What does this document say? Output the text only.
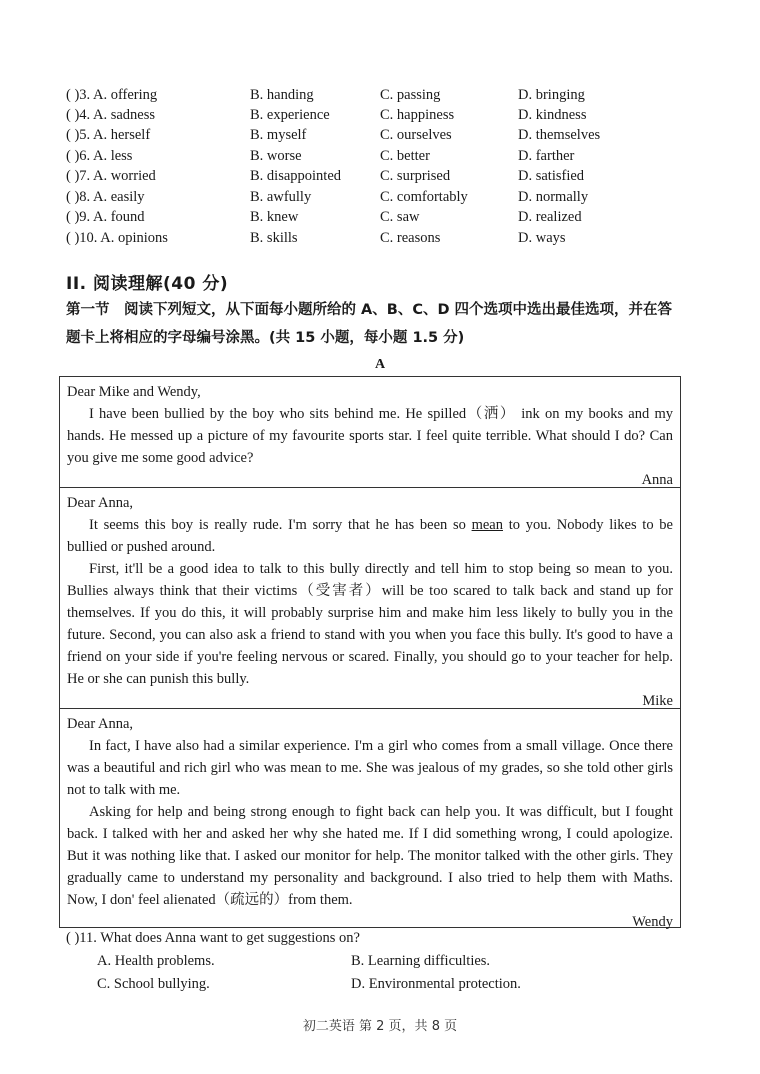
( )3. A. offering	B. handing	C. passing	D. bringing
( )4. A. sadness	B. experience	C. happiness	D. kindness
( )5. A. herself	B. myself	C. ourselves	D. themselves
( )6. A. less	B. worse	C. better	D. farther
( )7. A. worried	B. disappointed	C. surprised	D. satisfied
( )8. A. easily	B. awfully	C. comfortably	D. normally
( )9. A. found	B. knew	C. saw	D. realized
( )10. A. opinions	B. skills	C. reasons	D. ways
II. 阅读理解(40 分)
第一节　阅读下列短文，从下面每小题所给的 A、B、C、D 四个选项中选出最佳选项，并在答
题卡上将相应的字母编号涂黑。(共 15 小题，每小题 1.5 分)
A

Dear Mike and Wendy,

I have been bullied by the boy who sits behind me. He spilled（洒） ink on my books and my hands. He messed up a picture of my favourite sports star. I feel quite terrible. What should I do? Can you give me some good advice?

Anna

Dear Anna,

It seems this boy is really rude. I'm sorry that he has been so mean to you. Nobody likes to be bullied or pushed around.

First, it'll be a good idea to talk to this bully directly and tell him to stop being so mean to you. Bullies always think that their victims（受害者）will be too scared to talk back and stand up for themselves. If you do this, it will probably surprise him and make him less likely to bully you in the future. Second, you can also ask a friend to stand with you when you face this bully. It's good to have a friend on your side if you're feeling nervous or scared. Finally, you should go to your teacher for help. He or she can punish this bully.

Mike

Dear Anna,

In fact, I have also had a similar experience. I'm a girl who comes from a small village. Once there was a beautiful and rich girl who was mean to me. She was jealous of my grades, so she told other girls not to talk with me.

Asking for help and being strong enough to fight back can help you. It was difficult, but I fought back. I talked with her and asked her why she hated me. If I did something wrong, I could apologize. But it was nothing like that. I asked our monitor for help. The monitor talked with the other girls. They gradually came to understand my personality and background. I also tried to help them with Maths. Now, I don' feel alienated（疏远的）from them.

Wendy

( )11. What does Anna want to get suggestions on?
A. Health problems.	B. Learning difficulties.
C. School bullying.	D. Environmental protection.
初二英语 第 2 页，共 8 页
